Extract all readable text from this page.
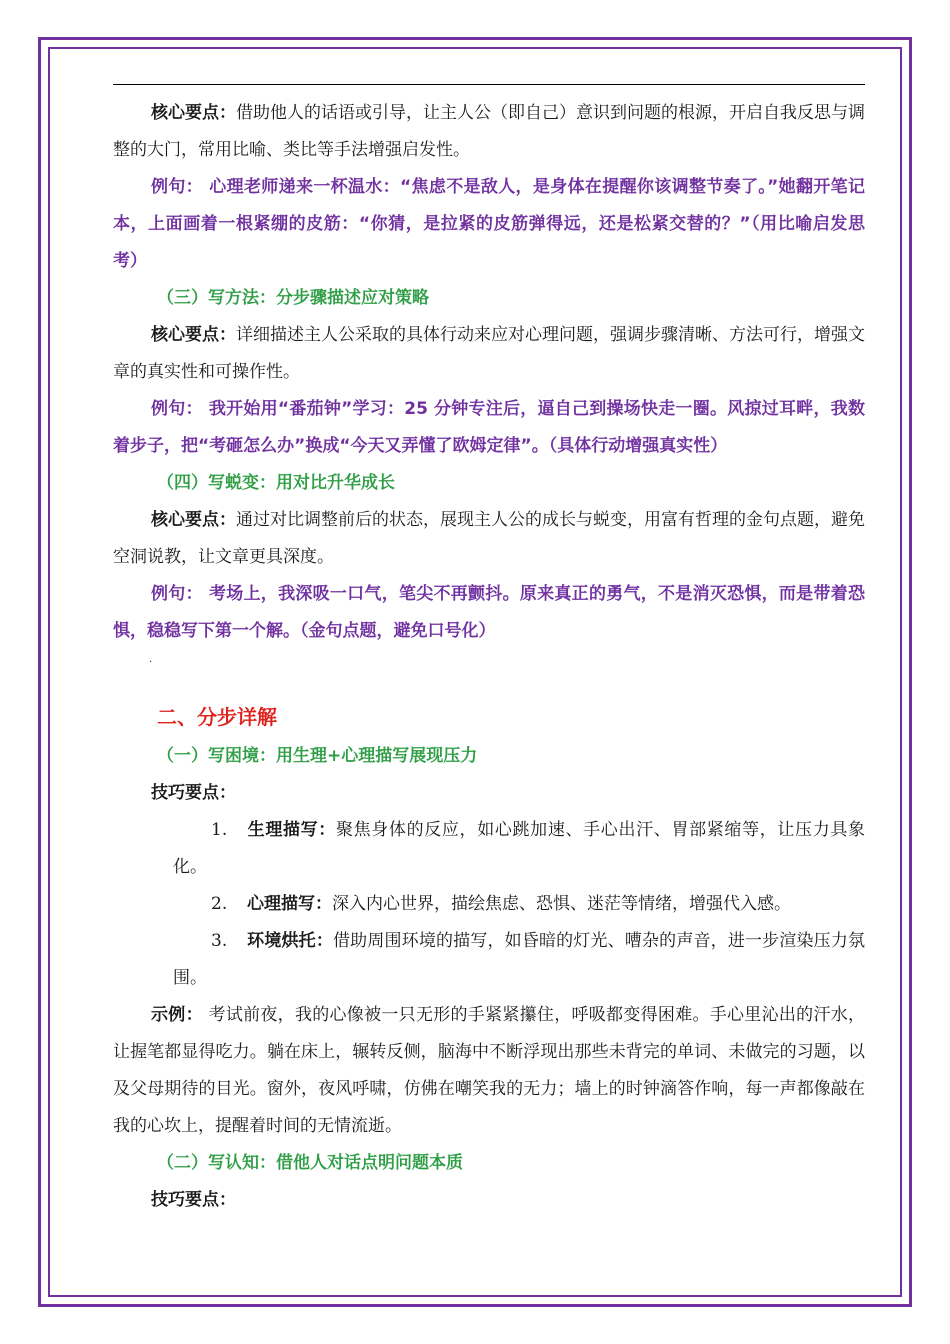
核心要点：借助他人的话语或引导，让主人公（即自己）意识到问题的根源，开启自我反思与调整的大门，常用比喻、类比等手法增强启发性。

例句： 心理老师递来一杯温水：“焦虑不是敌人，是身体在提醒你该调整节奏了。”她翻开笔记本，上面画着一根紧绷的皮筋：“你猜，是拉紧的皮筋弹得远，还是松紧交替的？”（用比喻启发思考）

（三）写方法：分步骤描述应对策略

核心要点：详细描述主人公采取的具体行动来应对心理问题，强调步骤清晰、方法可行，增强文章的真实性和可操作性。

例句： 我开始用“番茄钟”学习：25 分钟专注后，逼自己到操场快走一圈。风掠过耳畔，我数着步子，把“考砸怎么办”换成“今天又弄懂了欧姆定律”。（具体行动增强真实性）

（四）写蜕变：用对比升华成长

核心要点：通过对比调整前后的状态，展现主人公的成长与蜕变，用富有哲理的金句点题，避免空洞说教，让文章更具深度。

例句： 考场上，我深吸一口气，笔尖不再颤抖。原来真正的勇气，不是消灭恐惧，而是带着恐惧，稳稳写下第一个解。（金句点题，避免口号化）

.

二、分步详解

（一）写困境：用生理+心理描写展现压力

技巧要点：

1. 生理描写：聚焦身体的反应，如心跳加速、手心出汗、胃部紧缩等，让压力具象化。

2. 心理描写：深入内心世界，描绘焦虑、恐惧、迷茫等情绪，增强代入感。

3. 环境烘托：借助周围环境的描写，如昏暗的灯光、嘈杂的声音，进一步渲染压力氛围。

示例： 考试前夜，我的心像被一只无形的手紧紧攥住，呼吸都变得困难。手心里沁出的汗水，让握笔都显得吃力。躺在床上，辗转反侧，脑海中不断浮现出那些未背完的单词、未做完的习题，以及父母期待的目光。窗外，夜风呼啸，仿佛在嘲笑我的无力；墙上的时钟滴答作响，每一声都像敲在我的心坎上，提醒着时间的无情流逝。

（二）写认知：借他人对话点明问题本质

技巧要点：
